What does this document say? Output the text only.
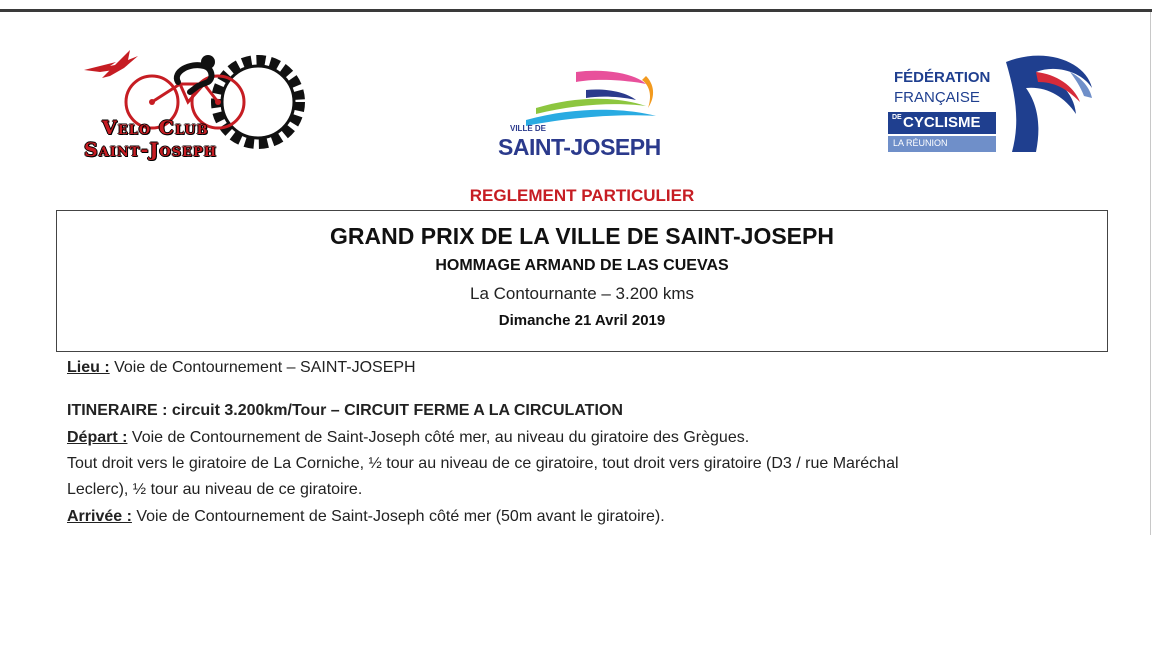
Velo Club
Saint-Joseph
VILLE DE
SAINT-JOSEPH
FÉDÉRATION
FRANÇAISE
DE CYCLISME
LA RÉUNION
REGLEMENT PARTICULIER
GRAND PRIX DE LA VILLE DE SAINT-JOSEPH
HOMMAGE ARMAND DE LAS CUEVAS
La Contournante – 3.200 kms
Dimanche 21 Avril 2019
Lieu : Voie de Contournement – SAINT-JOSEPH
ITINERAIRE : circuit 3.200km/Tour – CIRCUIT FERME A LA CIRCULATION
Départ : Voie de Contournement de Saint-Joseph côté mer, au niveau du giratoire des Grègues.
Tout droit vers le giratoire de La Corniche, ½ tour au niveau de ce giratoire, tout droit vers giratoire (D3 / rue Maréchal
Leclerc), ½ tour au niveau de ce giratoire.
Arrivée : Voie de Contournement de Saint-Joseph côté mer (50m avant le giratoire).
